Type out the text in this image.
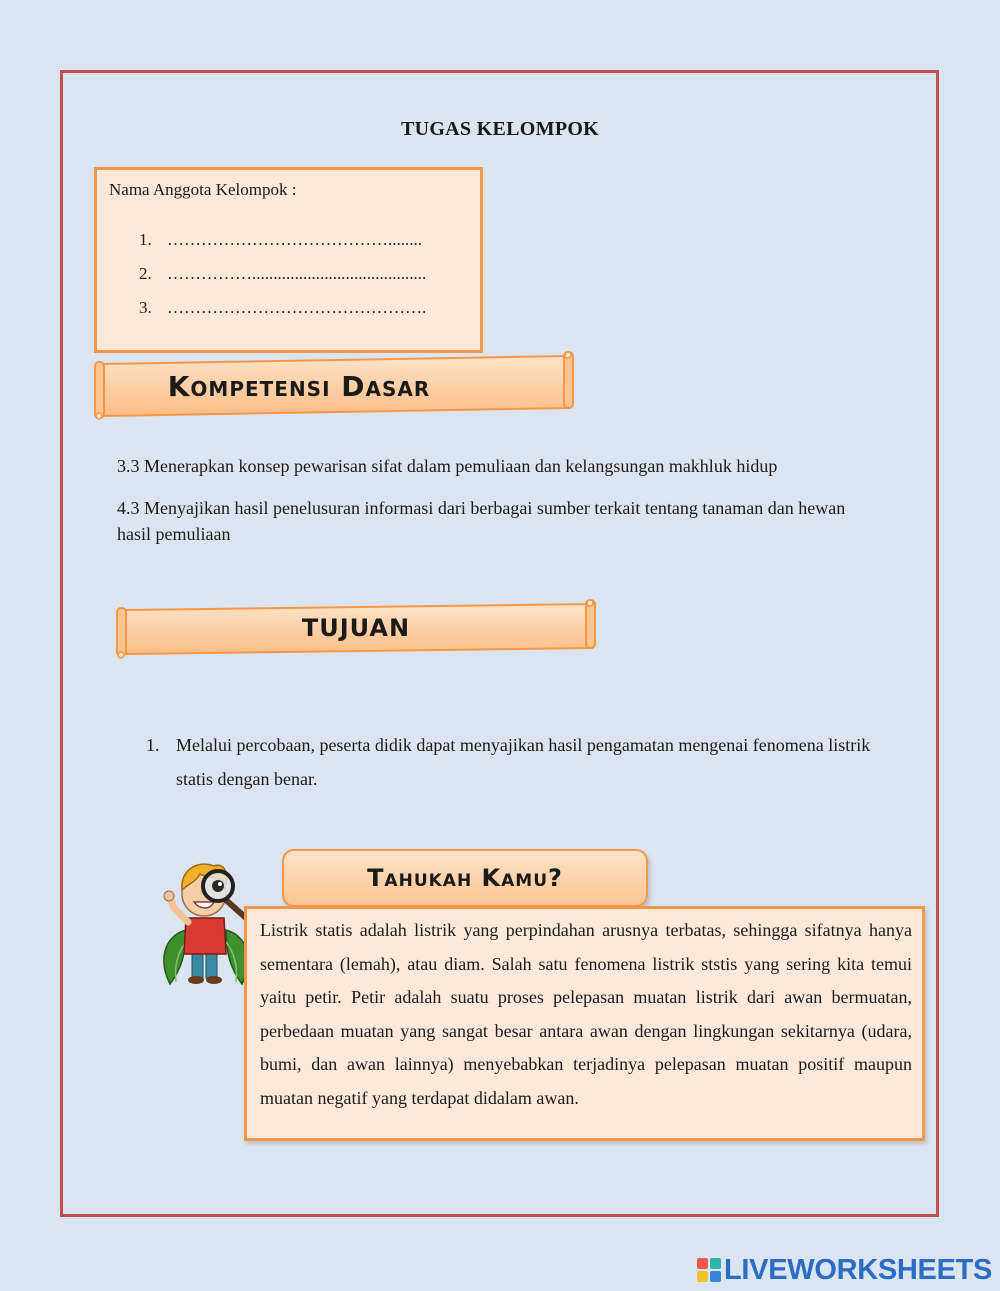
TUGAS KELOMPOK
Nama Anggota Kelompok :
1. …………………………………........
2. …………….........................................
3. ……………………………………….
Kompetensi Dasar
3.3 Menerapkan konsep pewarisan sifat dalam pemuliaan dan kelangsungan makhluk hidup
4.3 Menyajikan hasil penelusuran informasi dari berbagai sumber terkait tentang tanaman dan hewan hasil pemuliaan
TUJUAN
1. Melalui percobaan, peserta didik dapat menyajikan hasil pengamatan mengenai fenomena listrik statis dengan benar.
Tahukah Kamu?
Listrik statis adalah listrik yang perpindahan arusnya terbatas, sehingga sifatnya hanya sementara (lemah), atau diam. Salah satu fenomena listrik ststis yang sering kita temui yaitu petir. Petir adalah suatu proses pelepasan muatan listrik dari awan bermuatan, perbedaan muatan yang sangat besar antara awan dengan lingkungan sekitarnya (udara, bumi, dan awan lainnya) menyebabkan terjadinya pelepasan muatan positif maupun muatan negatif yang terdapat didalam awan.
LIVEWORKSHEETS
